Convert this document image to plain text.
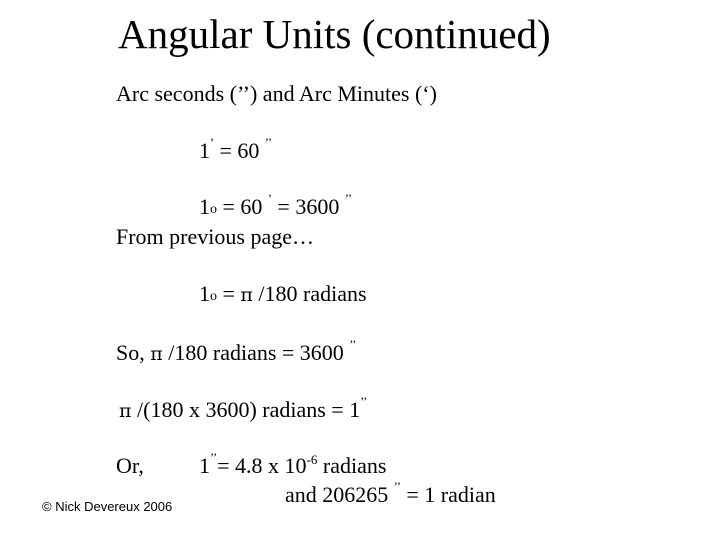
Angular Units (continued)
Arc seconds (’’) and Arc Minutes (‘)
1’ = 60 ’’
1o = 60 ’ = 3600 ’’
From previous page…
1o = π /180 radians
So, π /180 radians = 3600 ’’
π /(180 x 3600) radians = 1’’
Or,	1’’= 4.8 x $10^{-6}$ radians
and 206265 ’’ = 1 radian
© Nick Devereux 2006
